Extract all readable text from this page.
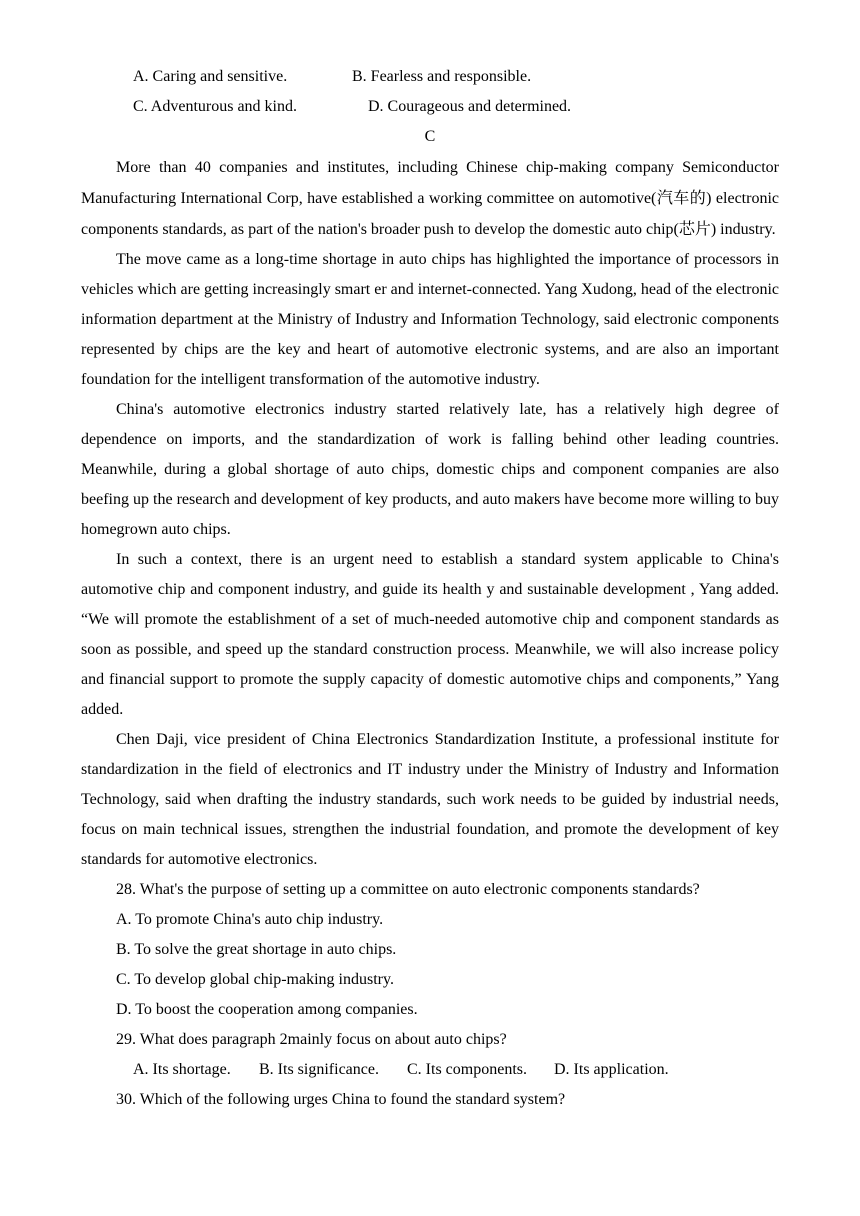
A. Caring and sensitive.	B. Fearless and responsible.
C. Adventurous and kind.	D. Courageous and determined.
C

More than 40 companies and institutes, including Chinese chip-making company Semiconductor Manufacturing International Corp, have established a working committee on automotive(汽车的) electronic components standards, as part of the nation's broader push to develop the domestic auto chip(芯片) industry.

The move came as a long-time shortage in auto chips has highlighted the importance of processors in vehicles which are getting increasingly smart er and internet-connected. Yang Xudong, head of the electronic information department at the Ministry of Industry and Information Technology, said electronic components represented by chips are the key and heart of automotive electronic systems, and are also an important foundation for the intelligent transformation of the automotive industry.

China's automotive electronics industry started relatively late, has a relatively high degree of dependence on imports, and the standardization of work is falling behind other leading countries. Meanwhile, during a global shortage of auto chips, domestic chips and component companies are also beefing up the research and development of key products, and auto makers have become more willing to buy homegrown auto chips.

In such a context, there is an urgent need to establish a standard system applicable to China's automotive chip and component industry, and guide its health y and sustainable development , Yang added. “We will promote the establishment of a set of much-needed automotive chip and component standards as soon as possible, and speed up the standard construction process. Meanwhile, we will also increase policy and financial support to promote the supply capacity of domestic automotive chips and components,” Yang added.

Chen Daji, vice president of China Electronics Standardization Institute, a professional institute for standardization in the field of electronics and IT industry under the Ministry of Industry and Information Technology, said when drafting the industry standards, such work needs to be guided by industrial needs, focus on main technical issues, strengthen the industrial foundation, and promote the development of key standards for automotive electronics.

28. What's the purpose of setting up a committee on auto electronic components standards?
A. To promote China's auto chip industry.
B. To solve the great shortage in auto chips.
C. To develop global chip-making industry.
D. To boost the cooperation among companies.
29. What does paragraph 2mainly focus on about auto chips?
A. Its shortage. B. Its significance. C. Its components. D. Its application.
30. Which of the following urges China to found the standard system?
